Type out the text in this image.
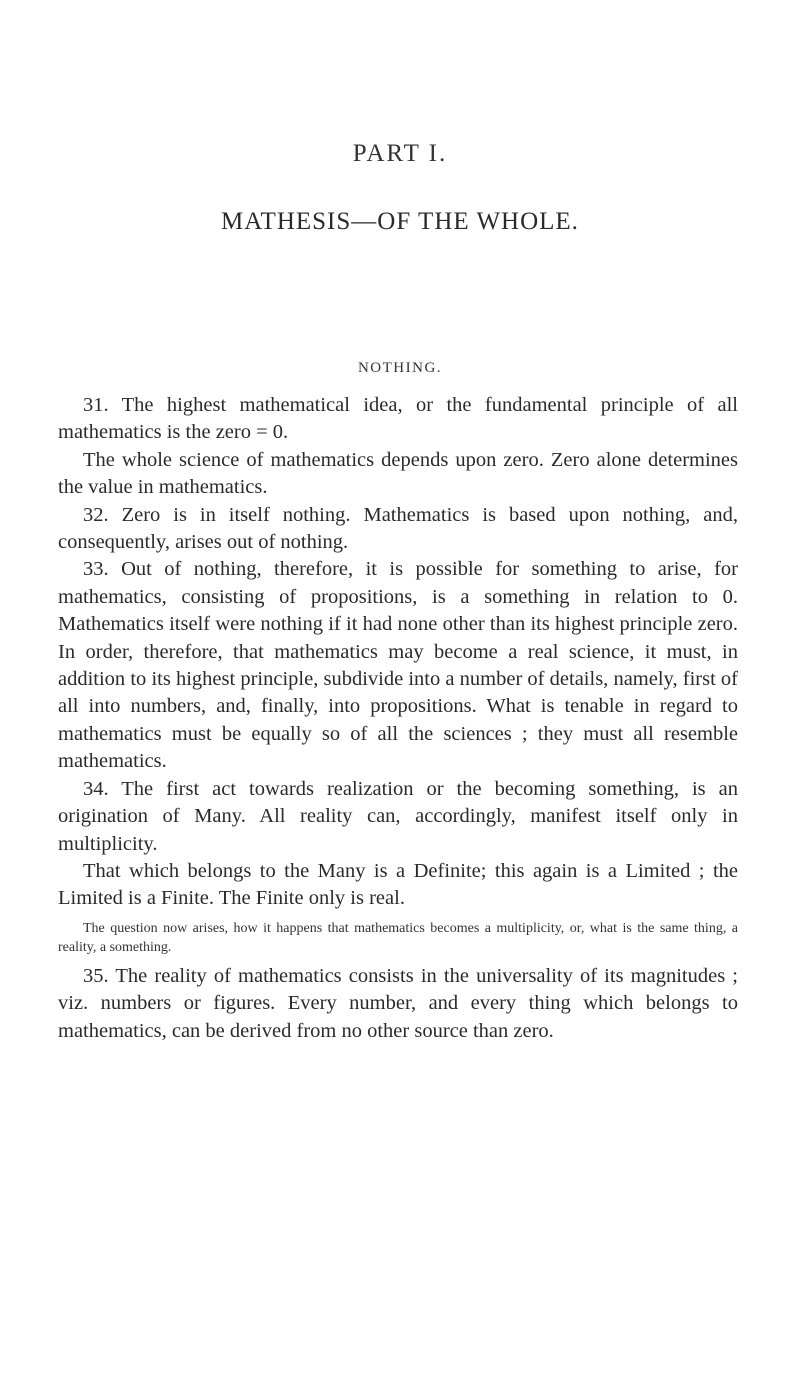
PART I.
MATHESIS—OF THE WHOLE.
NOTHING.

31. The highest mathematical idea, or the fundamental principle of all mathematics is the zero = 0.

The whole science of mathematics depends upon zero. Zero alone determines the value in mathematics.

32. Zero is in itself nothing. Mathematics is based upon nothing, and, consequently, arises out of nothing.

33. Out of nothing, therefore, it is possible for something to arise, for mathematics, consisting of propositions, is a something in relation to 0. Mathematics itself were nothing if it had none other than its highest principle zero. In order, therefore, that mathematics may become a real science, it must, in addition to its highest principle, subdivide into a number of details, namely, first of all into numbers, and, finally, into propositions. What is tenable in regard to mathematics must be equally so of all the sciences ; they must all resemble mathematics.

34. The first act towards realization or the becoming something, is an origination of Many. All reality can, accordingly, manifest itself only in multiplicity.

That which belongs to the Many is a Definite; this again is a Limited ; the Limited is a Finite. The Finite only is real.

The question now arises, how it happens that mathematics becomes a multiplicity, or, what is the same thing, a reality, a something.

35. The reality of mathematics consists in the universality of its magnitudes ; viz. numbers or figures. Every number, and every thing which belongs to mathematics, can be derived from no other source than zero.
